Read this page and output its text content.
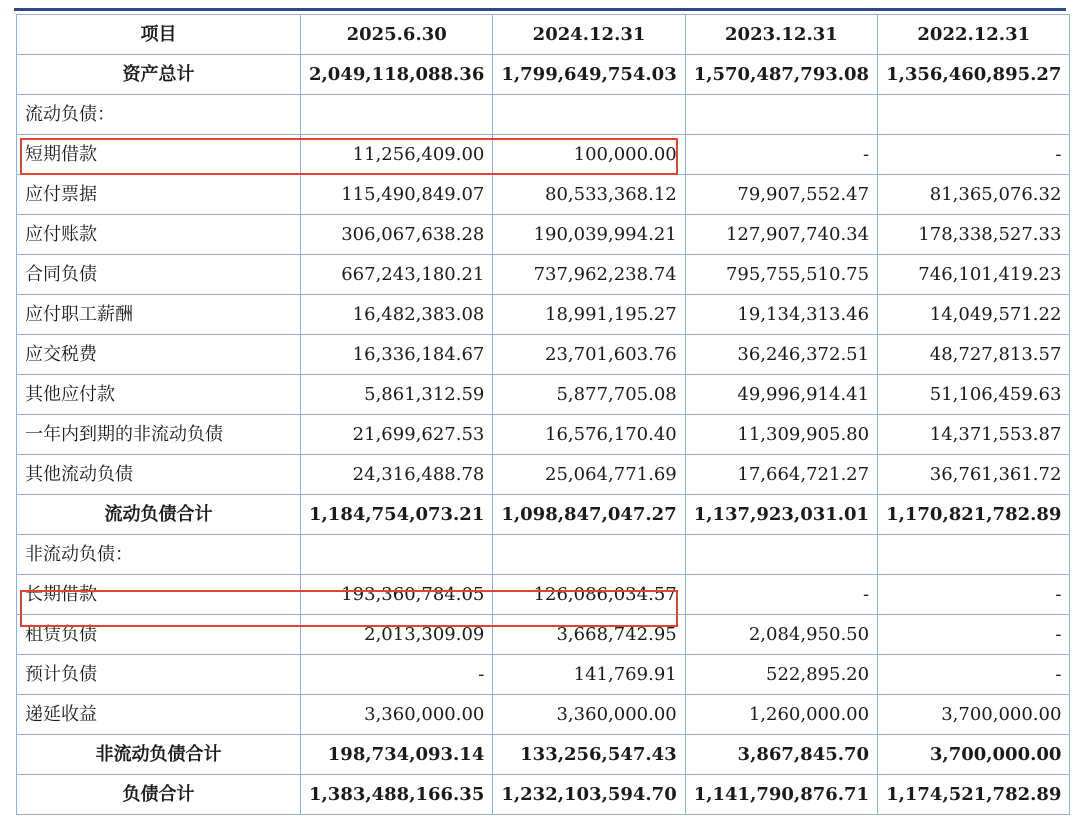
项目	2025.6.30	2024.12.31	2023.12.31	2022.12.31
资产总计	2,049,118,088.36	1,799,649,754.03	1,570,487,793.08	1,356,460,895.27
流动负债：				
短期借款	11,256,409.00	100,000.00	-	-
应付票据	115,490,849.07	80,533,368.12	79,907,552.47	81,365,076.32
应付账款	306,067,638.28	190,039,994.21	127,907,740.34	178,338,527.33
合同负债	667,243,180.21	737,962,238.74	795,755,510.75	746,101,419.23
应付职工薪酬	16,482,383.08	18,991,195.27	19,134,313.46	14,049,571.22
应交税费	16,336,184.67	23,701,603.76	36,246,372.51	48,727,813.57
其他应付款	5,861,312.59	5,877,705.08	49,996,914.41	51,106,459.63
一年内到期的非流动负债	21,699,627.53	16,576,170.40	11,309,905.80	14,371,553.87
其他流动负债	24,316,488.78	25,064,771.69	17,664,721.27	36,761,361.72
流动负债合计	1,184,754,073.21	1,098,847,047.27	1,137,923,031.01	1,170,821,782.89
非流动负债：				
长期借款	193,360,784.05	126,086,034.57	-	-
租赁负债	2,013,309.09	3,668,742.95	2,084,950.50	-
预计负债	-	141,769.91	522,895.20	-
递延收益	3,360,000.00	3,360,000.00	1,260,000.00	3,700,000.00
非流动负债合计	198,734,093.14	133,256,547.43	3,867,845.70	3,700,000.00
负债合计	1,383,488,166.35	1,232,103,594.70	1,141,790,876.71	1,174,521,782.89
